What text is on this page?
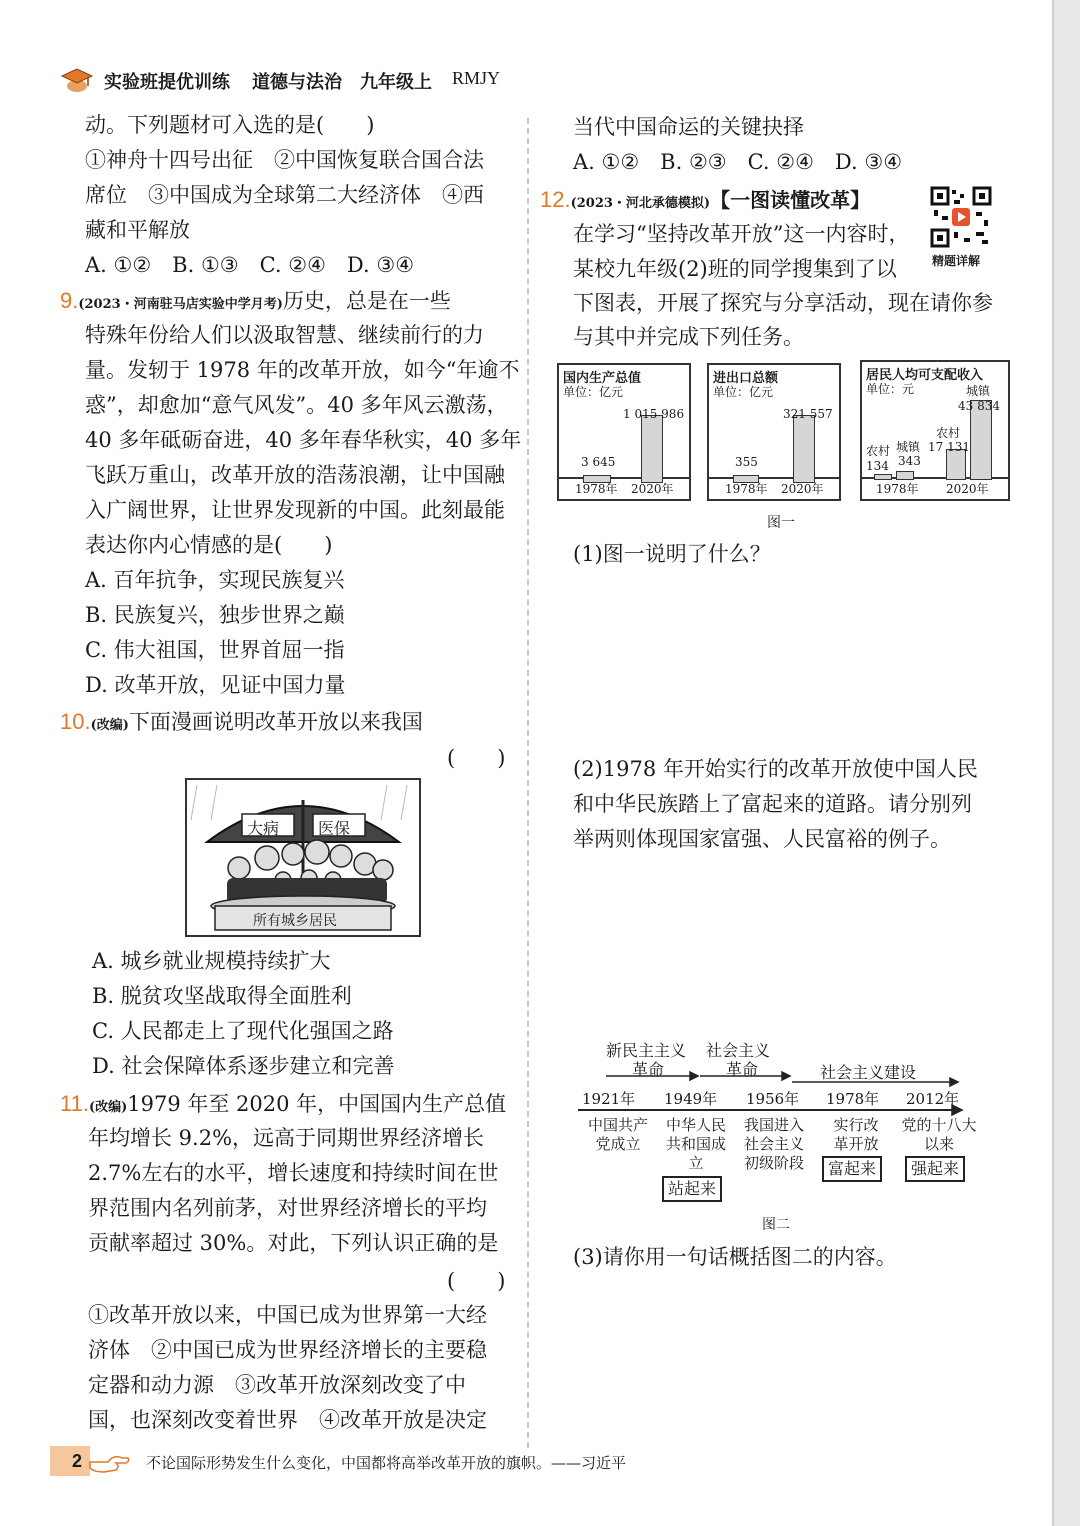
实验班提优训练 道德与法治 九年级上 RMJY
动。下列题材可入选的是(　　)
①神舟十四号出征　②中国恢复联合国合法
席位　③中国成为全球第二大经济体　④西
藏和平解放
A. ①②　B. ①③　C. ②④　D. ③④
9.(2023・河南驻马店实验中学月考)历史，总是在一些
特殊年份给人们以汲取智慧、继续前行的力
量。发轫于 1978 年的改革开放，如今“年逾不
惑”，却愈加“意气风发”。40 多年风云激荡，
40 多年砥砺奋进，40 多年春华秋实，40 多年
飞跃万重山，改革开放的浩荡浪潮，让中国融
入广阔世界，让世界发现新的中国。此刻最能
表达你内心情感的是(　　)
A. 百年抗争，实现民族复兴
B. 民族复兴，独步世界之巅
C. 伟大祖国，世界首屈一指
D. 改革开放，见证中国力量
10.(改编)下面漫画说明改革开放以来我国
(　　)
大病 医保
所有城乡居民
A. 城乡就业规模持续扩大
B. 脱贫攻坚战取得全面胜利
C. 人民都走上了现代化强国之路
D. 社会保障体系逐步建立和完善
11.(改编)1979 年至 2020 年，中国国内生产总值
年均增长 9.2%，远高于同期世界经济增长
2.7%左右的水平，增长速度和持续时间在世
界范围内名列前茅，对世界经济增长的平均
贡献率超过 30%。对此，下列认识正确的是
(　　)
①改革开放以来，中国已成为世界第一大经
济体　②中国已成为世界经济增长的主要稳
定器和动力源　③改革开放深刻改变了中
国，也深刻改变着世界　④改革开放是决定
当代中国命运的关键抉择
A. ①②　B. ②③　C. ②④　D. ③④
12.(2023・河北承德模拟)【一图读懂改革】
精题详解
在学习“坚持改革开放”这一内容时，
某校九年级(2)班的同学搜集到了以
下图表，开展了探究与分享活动，现在请你参
与其中并完成下列任务。
国内生产总值
单位：亿元
3 645
1 015 986
1978年 2020年
进出口总额
单位：亿元
355
321 557
1978年 2020年
居民人均可支配收入
单位：元
农村 城镇
134 343
农村
17 131
城镇
43 834
1978年 2020年
图一
(1)图一说明了什么？
(2)1978 年开始实行的改革开放使中国人民
和中华民族踏上了富起来的道路。请分别列
举两则体现国家富强、人民富裕的例子。
新民主主义
革命
社会主义
革命	社会主义建设
1921年 1949年 1956年 1978年 2012年
中国共产
党成立
中华人民
共和国成
立
我国进入
社会主义
初级阶段
实行改
革开放
党的十八大
以来
站起来
富起来	强起来
图二
(3)请你用一句话概括图二的内容。
2	不论国际形势发生什么变化，中国都将高举改革开放的旗帜。——习近平
